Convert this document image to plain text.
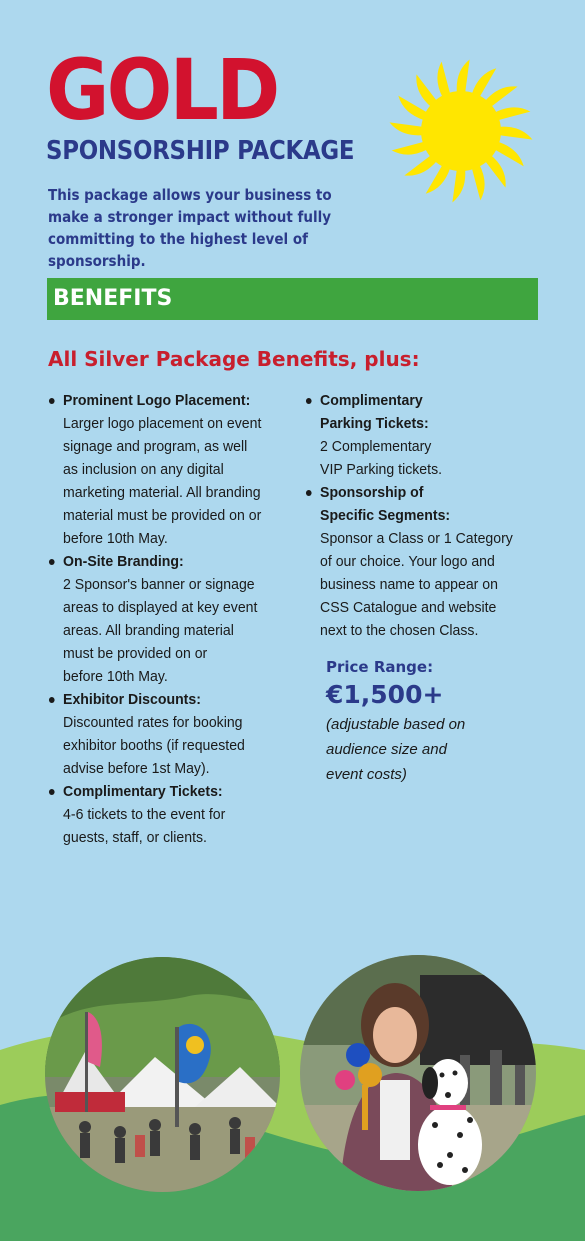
GOLD
SPONSORSHIP PACKAGE
This package allows your business to make a stronger impact without fully committing to the highest level of sponsorship.
BENEFITS
All Silver Package Benefits, plus:
Prominent Logo Placement:
Larger logo placement on event
signage and program, as well
as inclusion on any digital
marketing material. All branding
material must be provided on or
before 10th May.
On-Site Branding:
2 Sponsor's banner or signage
areas to displayed at key event
areas. All branding material
must be provided on or
before 10th May.
Exhibitor Discounts:
Discounted rates for booking
exhibitor booths (if requested
advise before 1st May).
Complimentary Tickets:
4-6 tickets to the event for
guests, staff, or clients.
Complimentary
Parking Tickets:
2 Complementary
VIP Parking tickets.
Sponsorship of
Specific Segments:
Sponsor a Class or 1 Category
of our choice. Your logo and
business name to appear on
CSS Catalogue and website
next to the chosen Class.
Price Range:
€1,500+
(adjustable based on
audience size and
event costs)
